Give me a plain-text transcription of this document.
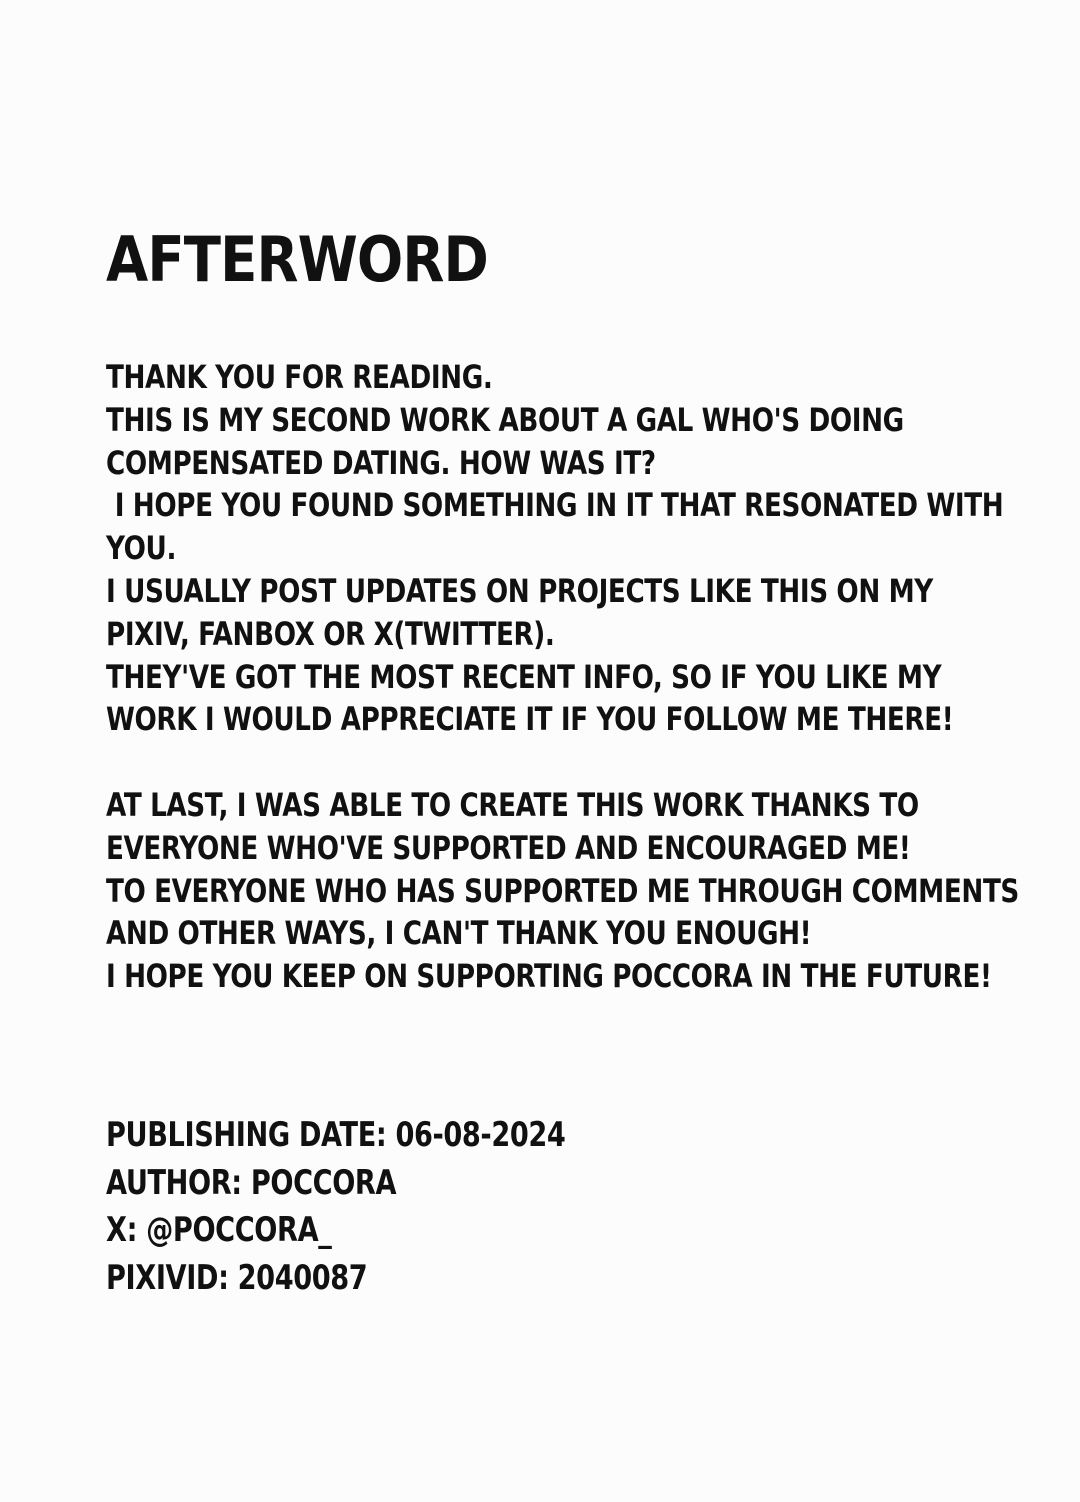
AFTERWORD
THANK YOU FOR READING.
THIS IS MY SECOND WORK ABOUT A GAL WHO'S DOING
COMPENSATED DATING. HOW WAS IT?
I HOPE YOU FOUND SOMETHING IN IT THAT RESONATED WITH
YOU.
I USUALLY POST UPDATES ON PROJECTS LIKE THIS ON MY
PIXIV, FANBOX OR X(TWITTER).
THEY'VE GOT THE MOST RECENT INFO, SO IF YOU LIKE MY
WORK I WOULD APPRECIATE IT IF YOU FOLLOW ME THERE!
AT LAST, I WAS ABLE TO CREATE THIS WORK THANKS TO
EVERYONE WHO'VE SUPPORTED AND ENCOURAGED ME!
TO EVERYONE WHO HAS SUPPORTED ME THROUGH COMMENTS
AND OTHER WAYS, I CAN'T THANK YOU ENOUGH!
I HOPE YOU KEEP ON SUPPORTING POCCORA IN THE FUTURE!
PUBLISHING DATE: 06-08-2024
AUTHOR: POCCORA
X: @POCCORA_
PIXIVID: 2040087
